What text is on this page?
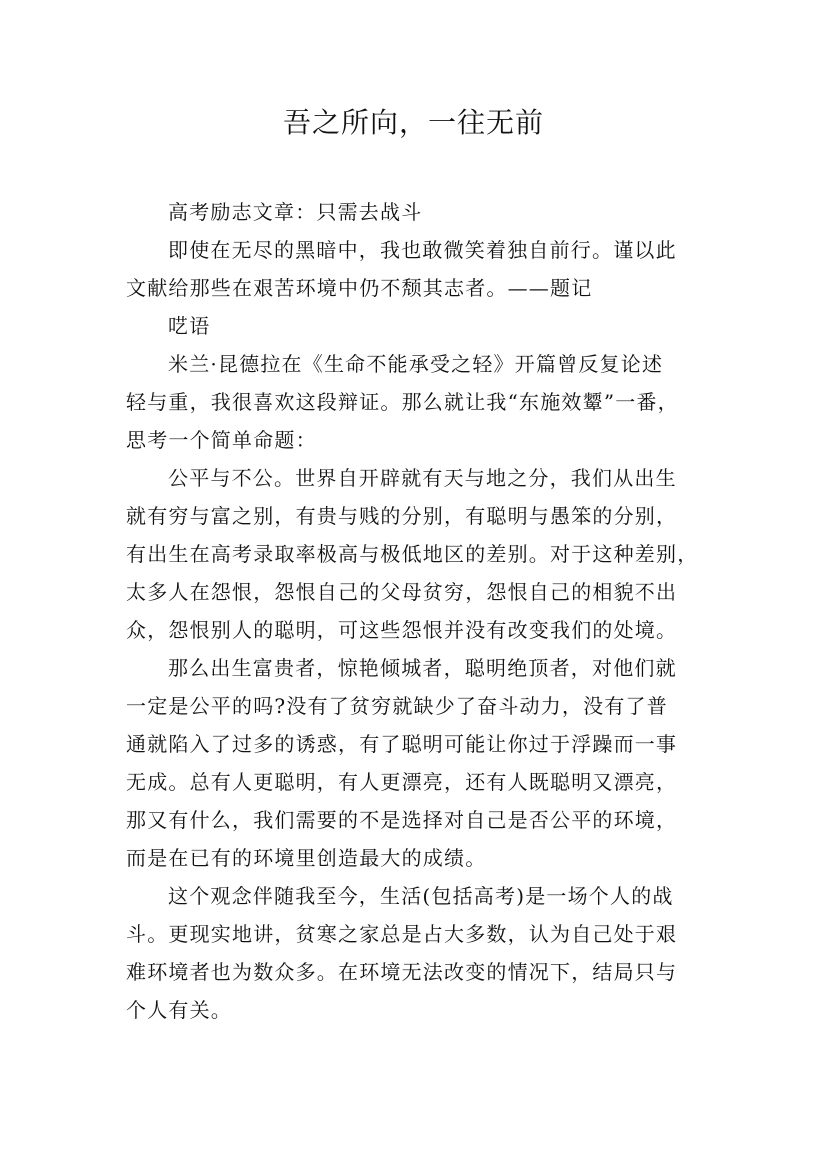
吾之所向，一往无前

高考励志文章：只需去战斗

即使在无尽的黑暗中，我也敢微笑着独自前行。谨以此
文献给那些在艰苦环境中仍不颓其志者。——题记

呓语

米兰·昆德拉在《生命不能承受之轻》开篇曾反复论述
轻与重，我很喜欢这段辩证。那么就让我“东施效颦”一番，
思考一个简单命题：

公平与不公。世界自开辟就有天与地之分，我们从出生
就有穷与富之别，有贵与贱的分别，有聪明与愚笨的分别，
有出生在高考录取率极高与极低地区的差别。对于这种差别，
太多人在怨恨，怨恨自己的父母贫穷，怨恨自己的相貌不出
众，怨恨别人的聪明，可这些怨恨并没有改变我们的处境。

那么出生富贵者，惊艳倾城者，聪明绝顶者，对他们就
一定是公平的吗?没有了贫穷就缺少了奋斗动力，没有了普
通就陷入了过多的诱惑，有了聪明可能让你过于浮躁而一事
无成。总有人更聪明，有人更漂亮，还有人既聪明又漂亮，
那又有什么，我们需要的不是选择对自己是否公平的环境，
而是在已有的环境里创造最大的成绩。

这个观念伴随我至今，生活(包括高考)是一场个人的战
斗。更现实地讲，贫寒之家总是占大多数，认为自己处于艰
难环境者也为数众多。在环境无法改变的情况下，结局只与
个人有关。
